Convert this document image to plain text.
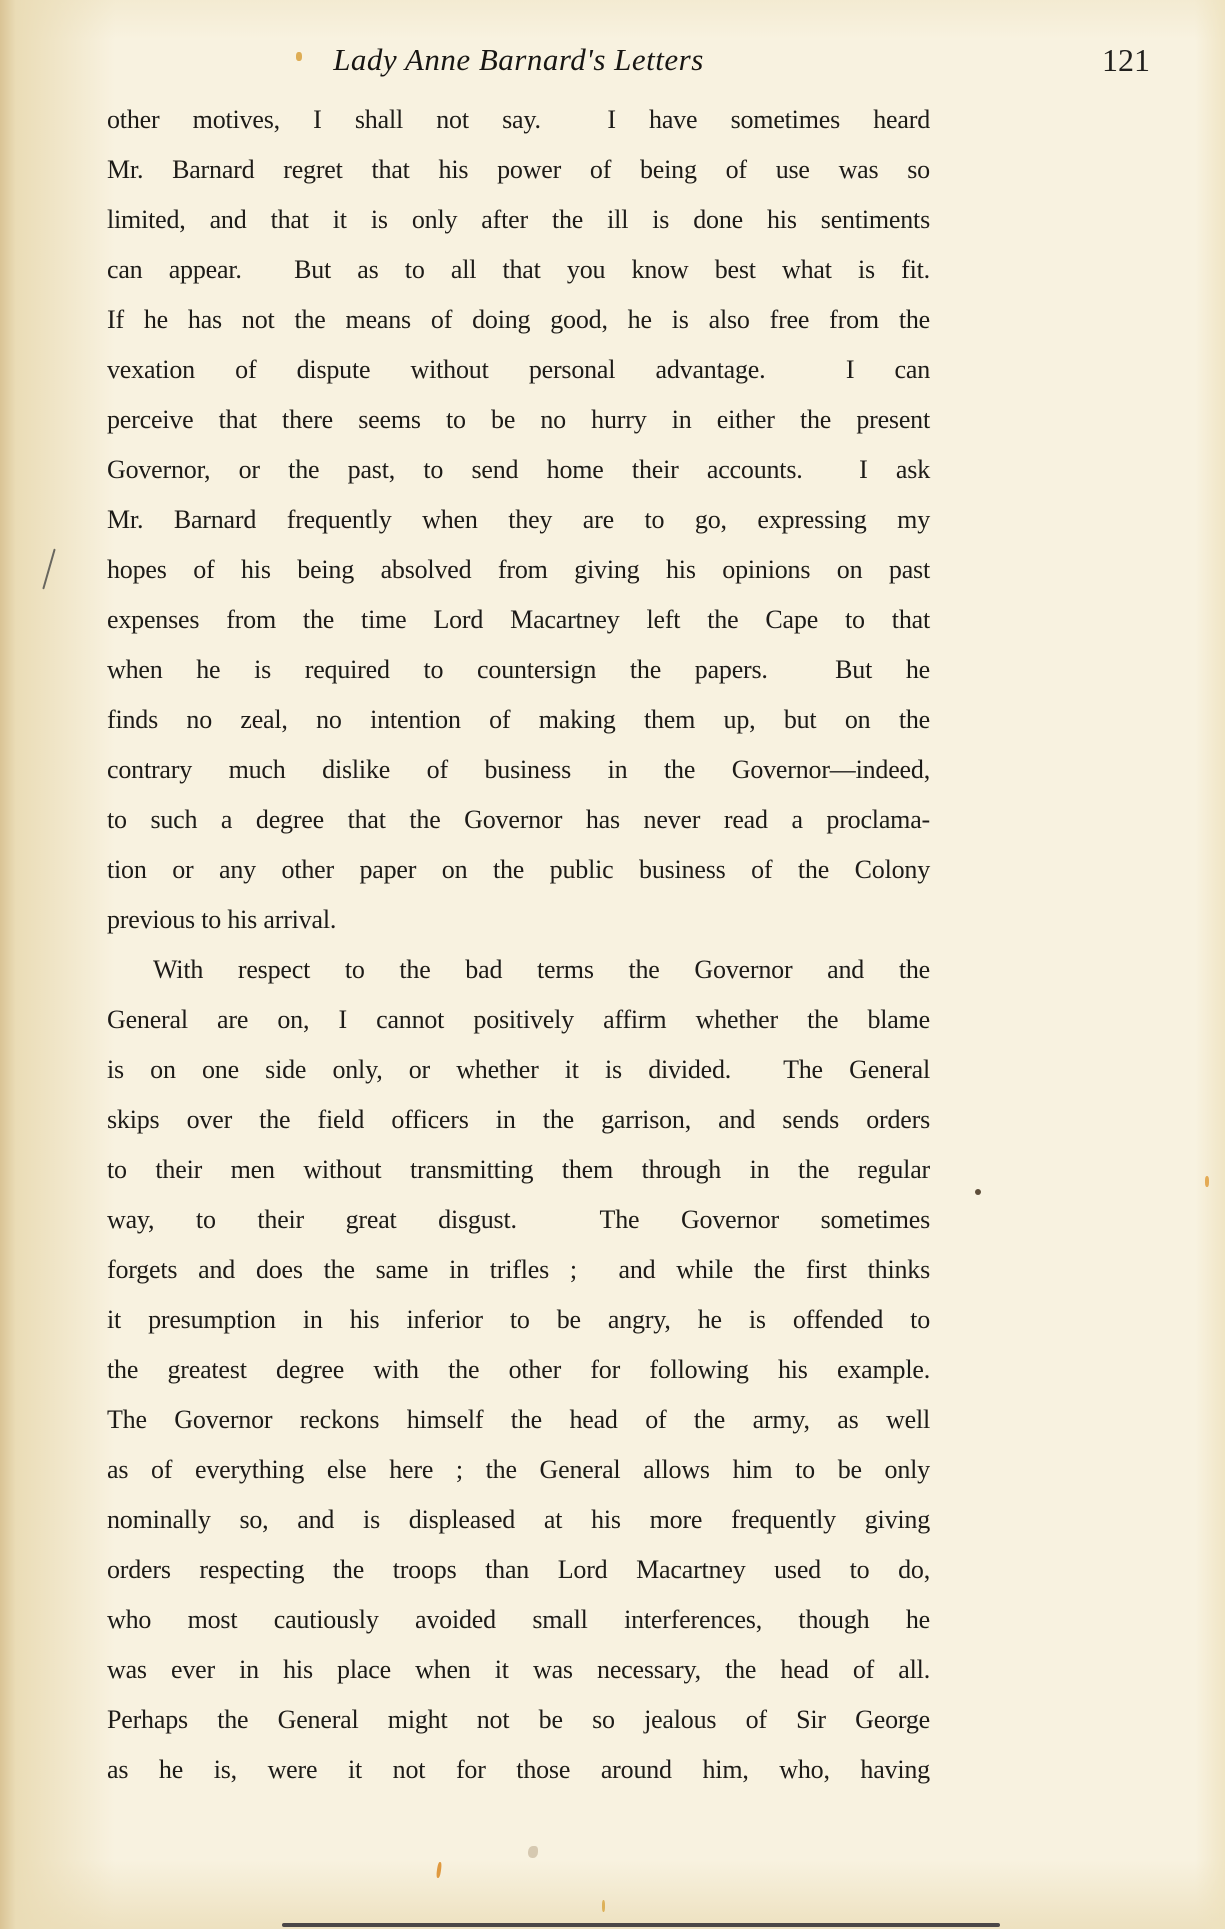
Lady Anne Barnard's Letters	121
other motives, I shall not say.  I have sometimes heard
Mr. Barnard regret that his power of being of use was so
limited, and that it is only after the ill is done his sentiments
can appear.  But as to all that you know best what is fit.
If he has not the means of doing good, he is also free from the
vexation of dispute without personal advantage.  I can
perceive that there seems to be no hurry in either the present
Governor, or the past, to send home their accounts.  I ask
Mr. Barnard frequently when they are to go, expressing my
hopes of his being absolved from giving his opinions on past
expenses from the time Lord Macartney left the Cape to that
when he is required to countersign the papers.  But he
finds no zeal, no intention of making them up, but on the
contrary much dislike of business in the Governor—indeed,
to such a degree that the Governor has never read a proclama-
tion or any other paper on the public business of the Colony
previous to his arrival.
With respect to the bad terms the Governor and the
General are on, I cannot positively affirm whether the blame
is on one side only, or whether it is divided.  The General
skips over the field officers in the garrison, and sends orders
to their men without transmitting them through in the regular
way, to their great disgust.  The Governor sometimes
forgets and does the same in trifles ;  and while the first thinks
it presumption in his inferior to be angry, he is offended to
the greatest degree with the other for following his example.
The Governor reckons himself the head of the army, as well
as of everything else here ; the General allows him to be only
nominally so, and is displeased at his more frequently giving
orders respecting the troops than Lord Macartney used to do,
who most cautiously avoided small interferences, though he
was ever in his place when it was necessary, the head of all.
Perhaps the General might not be so jealous of Sir George
as he is, were it not for those around him, who, having
